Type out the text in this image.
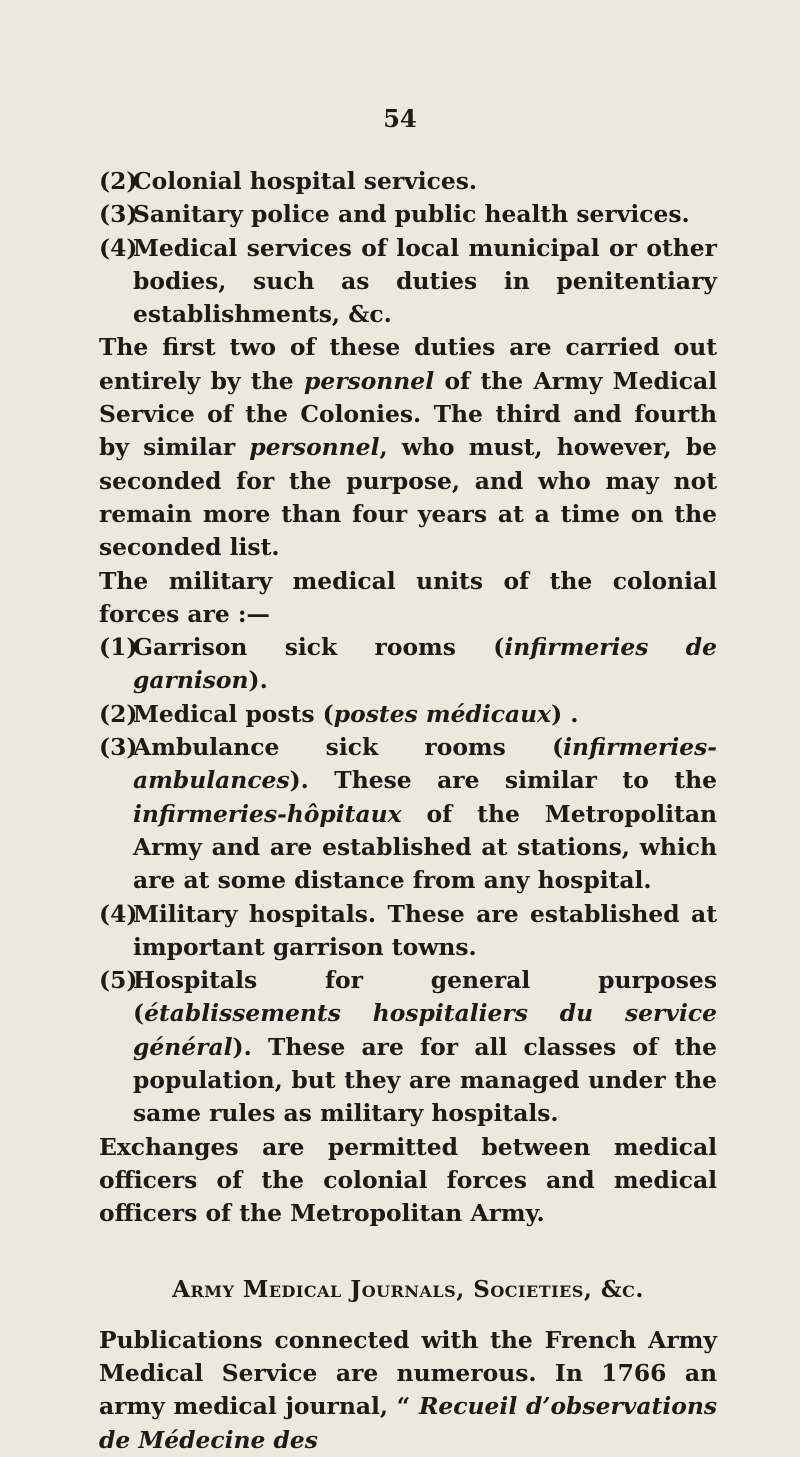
54
(2)
Colonial hospital services.
(3)
Sanitary police and public health services.
(4)
Medical services of local municipal or other bodies, such as duties in penitentiary establishments, &c.
The first two of these duties are carried out entirely by the personnel of the Army Medical Service of the Colonies. The third and fourth by similar personnel, who must, however, be seconded for the purpose, and who may not remain more than four years at a time on the seconded list.
The military medical units of the colonial forces are :—
(1)
Garrison sick rooms (infirmeries de garnison).
(2)
Medical posts (postes médicaux) .
(3)
Ambulance sick rooms (infirmeries-ambulances). These are similar to the infirmeries-hôpitaux of the Metropolitan Army and are established at stations, which are at some distance from any hospital.
(4)
Military hospitals. These are established at important garrison towns.
(5)
Hospitals for general purposes (établissements hospitaliers du service général). These are for all classes of the population, but they are managed under the same rules as military hospitals.
Exchanges are permitted between medical officers of the colonial forces and medical officers of the Metropolitan Army.
Army Medical Journals, Societies, &c.
Publications connected with the French Army Medical Service are numerous. In 1766 an army medical journal, “ Recueil d’observations de Médecine des
